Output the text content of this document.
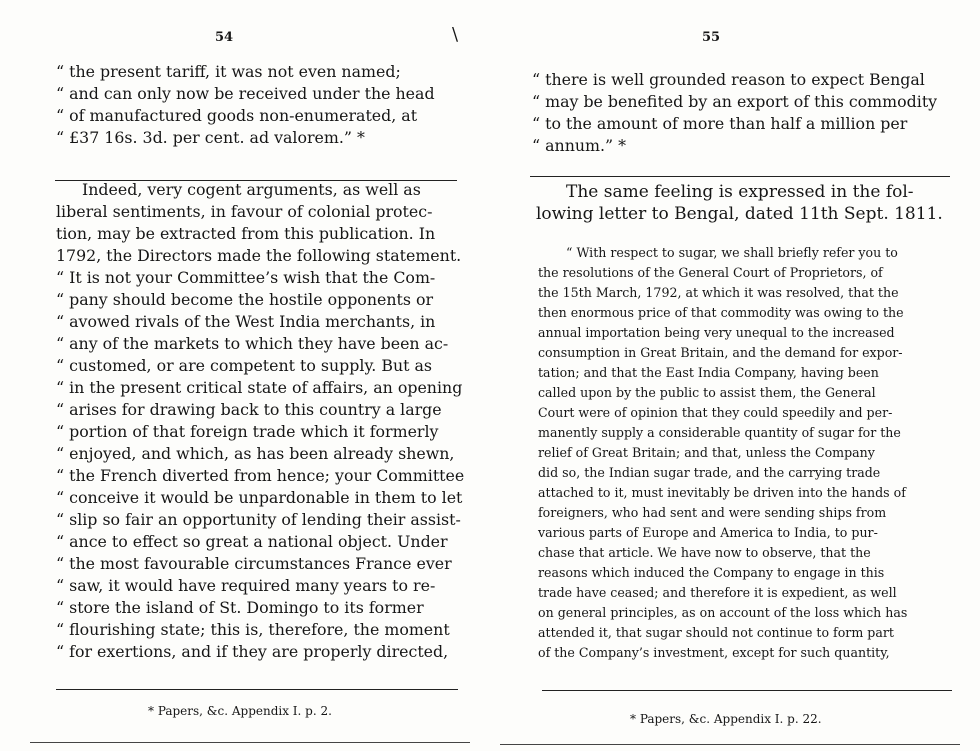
54	\
“ the present tariff, it was not even named;
“ and can only now be received under the head
“ of manufactured goods non-enumerated, at
“ £37 16s. 3d. per cent. ad valorem.” *
Indeed, very cogent arguments, as well as
liberal sentiments, in favour of colonial protec-
tion, may be extracted from this publication. In
1792, the Directors made the following statement.
“ It is not your Committee’s wish that the Com-
“ pany should become the hostile opponents or
“ avowed rivals of the West India merchants, in
“ any of the markets to which they have been ac-
“ customed, or are competent to supply. But as
“ in the present critical state of affairs, an opening
“ arises for drawing back to this country a large
“ portion of that foreign trade which it formerly
“ enjoyed, and which, as has been already shewn,
“ the French diverted from hence; your Committee
“ conceive it would be unpardonable in them to let
“ slip so fair an opportunity of lending their assist-
“ ance to effect so great a national object. Under
“ the most favourable circumstances France ever
“ saw, it would have required many years to re-
“ store the island of St. Domingo to its former
“ flourishing state; this is, therefore, the moment
“ for exertions, and if they are properly directed,
* Papers, &c. Appendix I. p. 2.
55
“ there is well grounded reason to expect Bengal
“ may be benefited by an export of this commodity
“ to the amount of more than half a million per
“ annum.” *
The same feeling is expressed in the fol-
lowing letter to Bengal, dated 11th Sept. 1811.
“ With respect to sugar, we shall briefly refer you to
the resolutions of the General Court of Proprietors, of
the 15th March, 1792, at which it was resolved, that the
then enormous price of that commodity was owing to the
annual importation being very unequal to the increased
consumption in Great Britain, and the demand for expor-
tation; and that the East India Company, having been
called upon by the public to assist them, the General
Court were of opinion that they could speedily and per-
manently supply a considerable quantity of sugar for the
relief of Great Britain; and that, unless the Company
did so, the Indian sugar trade, and the carrying trade
attached to it, must inevitably be driven into the hands of
foreigners, who had sent and were sending ships from
various parts of Europe and America to India, to pur-
chase that article. We have now to observe, that the
reasons which induced the Company to engage in this
trade have ceased; and therefore it is expedient, as well
on general principles, as on account of the loss which has
attended it, that sugar should not continue to form part
of the Company’s investment, except for such quantity,
* Papers, &c. Appendix I. p. 22.
